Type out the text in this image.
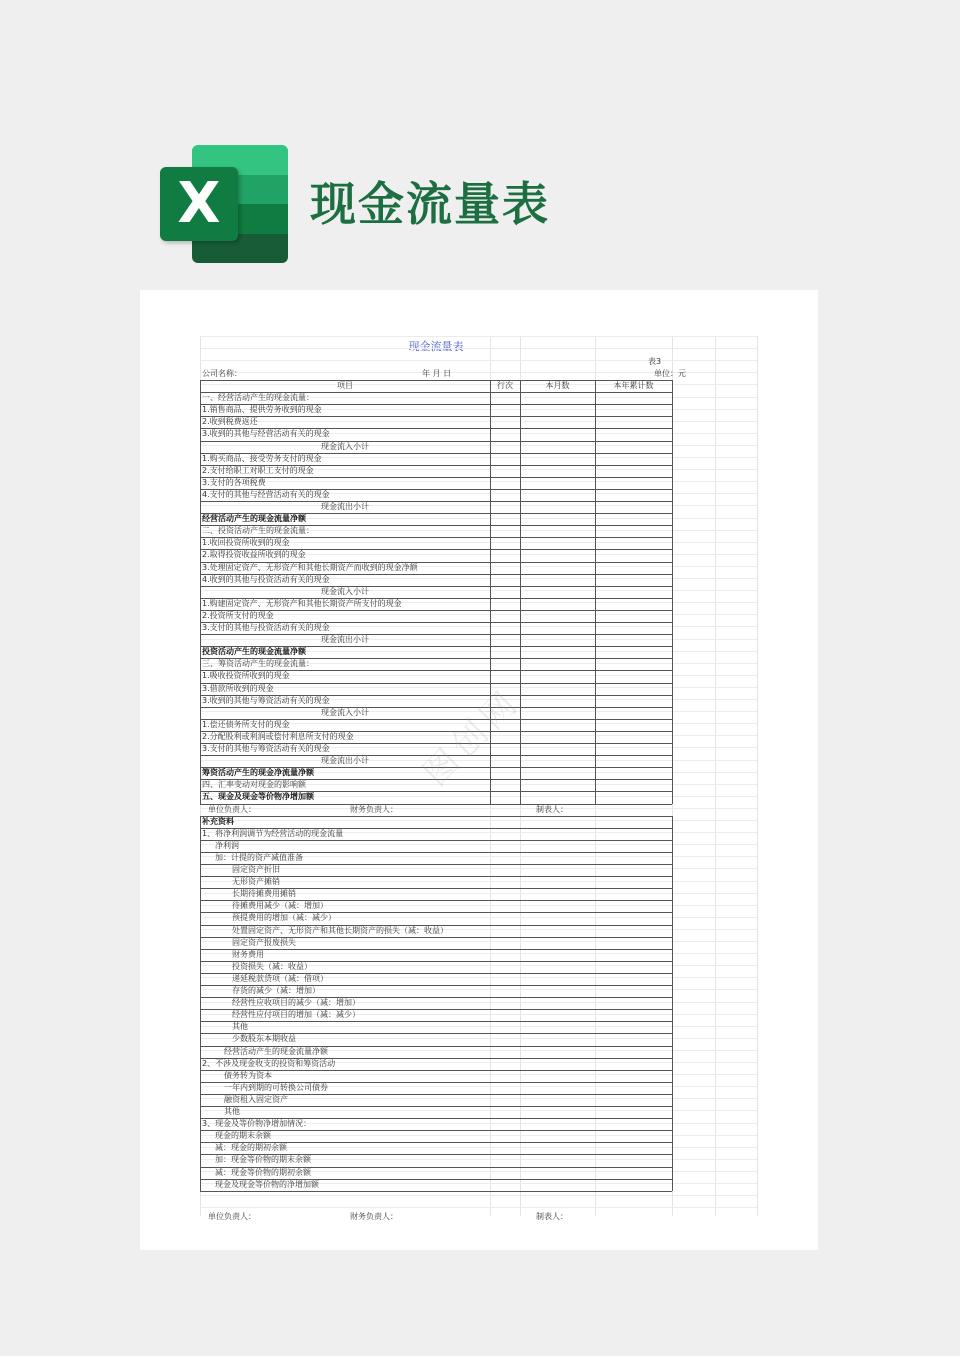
X	现金流量表
现金流量表
表3
公司名称：	年 月 日	单位：元
项目	行次	本月数	本年累计数
一、经营活动产生的现金流量：
1.销售商品、提供劳务收到的现金
2.收到税费返还
3.收到的其他与经营活动有关的现金
现金流入小计
1.购买商品、接受劳务支付的现金
2.支付给职工对职工支付的现金
3.支付的各项税费
4.支付的其他与经营活动有关的现金
现金流出小计
经营活动产生的现金流量净额
二、投资活动产生的现金流量：
1.收回投资所收到的现金
2.取得投资收益所收到的现金
3.处理固定资产、无形资产和其他长期资产而收到的现金净额
4.收到的其他与投资活动有关的现金
现金流入小计
1.购建固定资产、无形资产和其他长期资产所支付的现金
2.投资所支付的现金
3.支付的其他与投资活动有关的现金
现金流出小计
投资活动产生的现金流量净额
三、筹资活动产生的现金流量：
1.吸收投资所收到的现金
3.借款所收到的现金
3.收到的其他与筹资活动有关的现金
现金流入小计
1.偿还债务所支付的现金
2.分配股利或利润或偿付利息所支付的现金
3.支付的其他与筹资活动有关的现金
现金流出小计
筹资活动产生的现金净流量净额
四、汇率变动对现金的影响额
五、现金及现金等价物净增加额
单位负责人：	财务负责人：	制表人：
补充资料
1、将净利润调节为经营活动的现金流量
净利润
加：计提的资产减值准备
固定资产折旧
无形资产摊销
长期待摊费用摊销
待摊费用减少（减：增加）
预提费用的增加（减：减少）
处置固定资产、无形资产和其他长期资产的损失（减：收益）
固定资产报废损失
财务费用
投资损失（减：收益）
递延税款贷项（减：借项）
存货的减少（减：增加）
经营性应收项目的减少（减：增加）
经营性应付项目的增加（减：减少）
其他
少数股东本期收益
经营活动产生的现金流量净额
2、不涉及现金收支的投资和筹资活动
债务转为资本
一年内到期的可转换公司债券
融资租入固定资产
其他
3、现金及等价物净增加情况：
现金的期末余额
减：现金的期初余额
加：现金等价物的期末余额
减：现金等价物的期初余额
现金及现金等价物的净增加额
单位负责人：	财务负责人：	制表人：
图创网
